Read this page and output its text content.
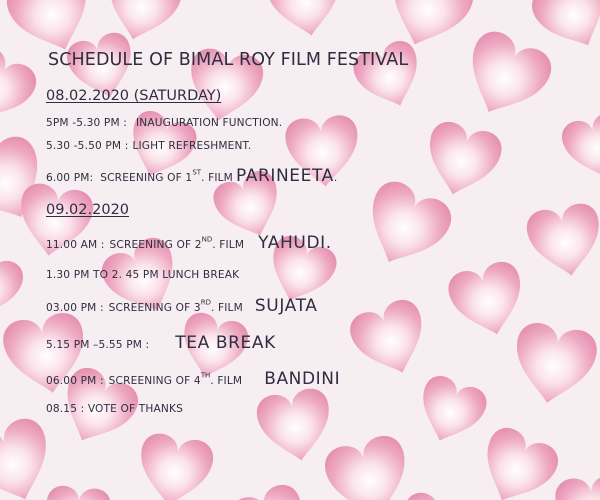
SCHEDULE OF BIMAL ROY FILM FESTIVAL
08.02.2020 (SATURDAY)
5PM -5.30 PM : INAUGURATION FUNCTION.
5.30 -5.50 PM : LIGHT REFRESHMENT.
6.00 PM: SCREENING OF 1ST. FILM PARINEETA.
09.02.2020
11.00 AM : SCREENING OF 2ND. FILM YAHUDI.
1.30 PM TO 2. 45 PM LUNCH BREAK
03.00 PM : SCREENING OF 3RD. FILM SUJATA
5.15 PM –5.55 PM : TEA BREAK
06.00 PM : SCREENING OF 4TH. FILM BANDINI
08.15 : VOTE OF THANKS
